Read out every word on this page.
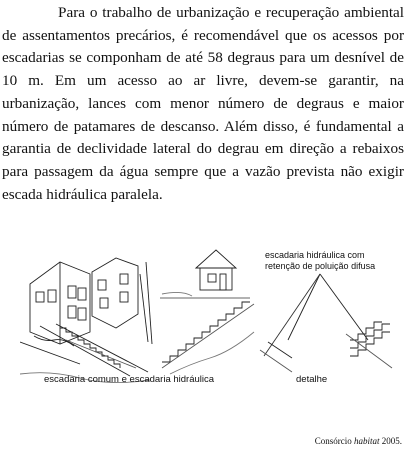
Para o trabalho de urbanização e recuperação ambiental de assentamentos precários, é recomendável que os acessos por escadarias se componham de até 58 degraus para um desnível de 10 m. Em um acesso ao ar livre, devem-se garantir, na urbanização, lances com menor número de degraus e maior número de patamares de descanso. Além disso, é fundamental a garantia de declividade lateral do degrau em direção a rebaixos para passagem da água sempre que a vazão prevista não exigir escada hidráulica paralela.

escadaria hidráulica com
retenção de poluição difusa
escadaria comum e escadaria hidráulica	detalhe
Consórcio habitat 2005.
